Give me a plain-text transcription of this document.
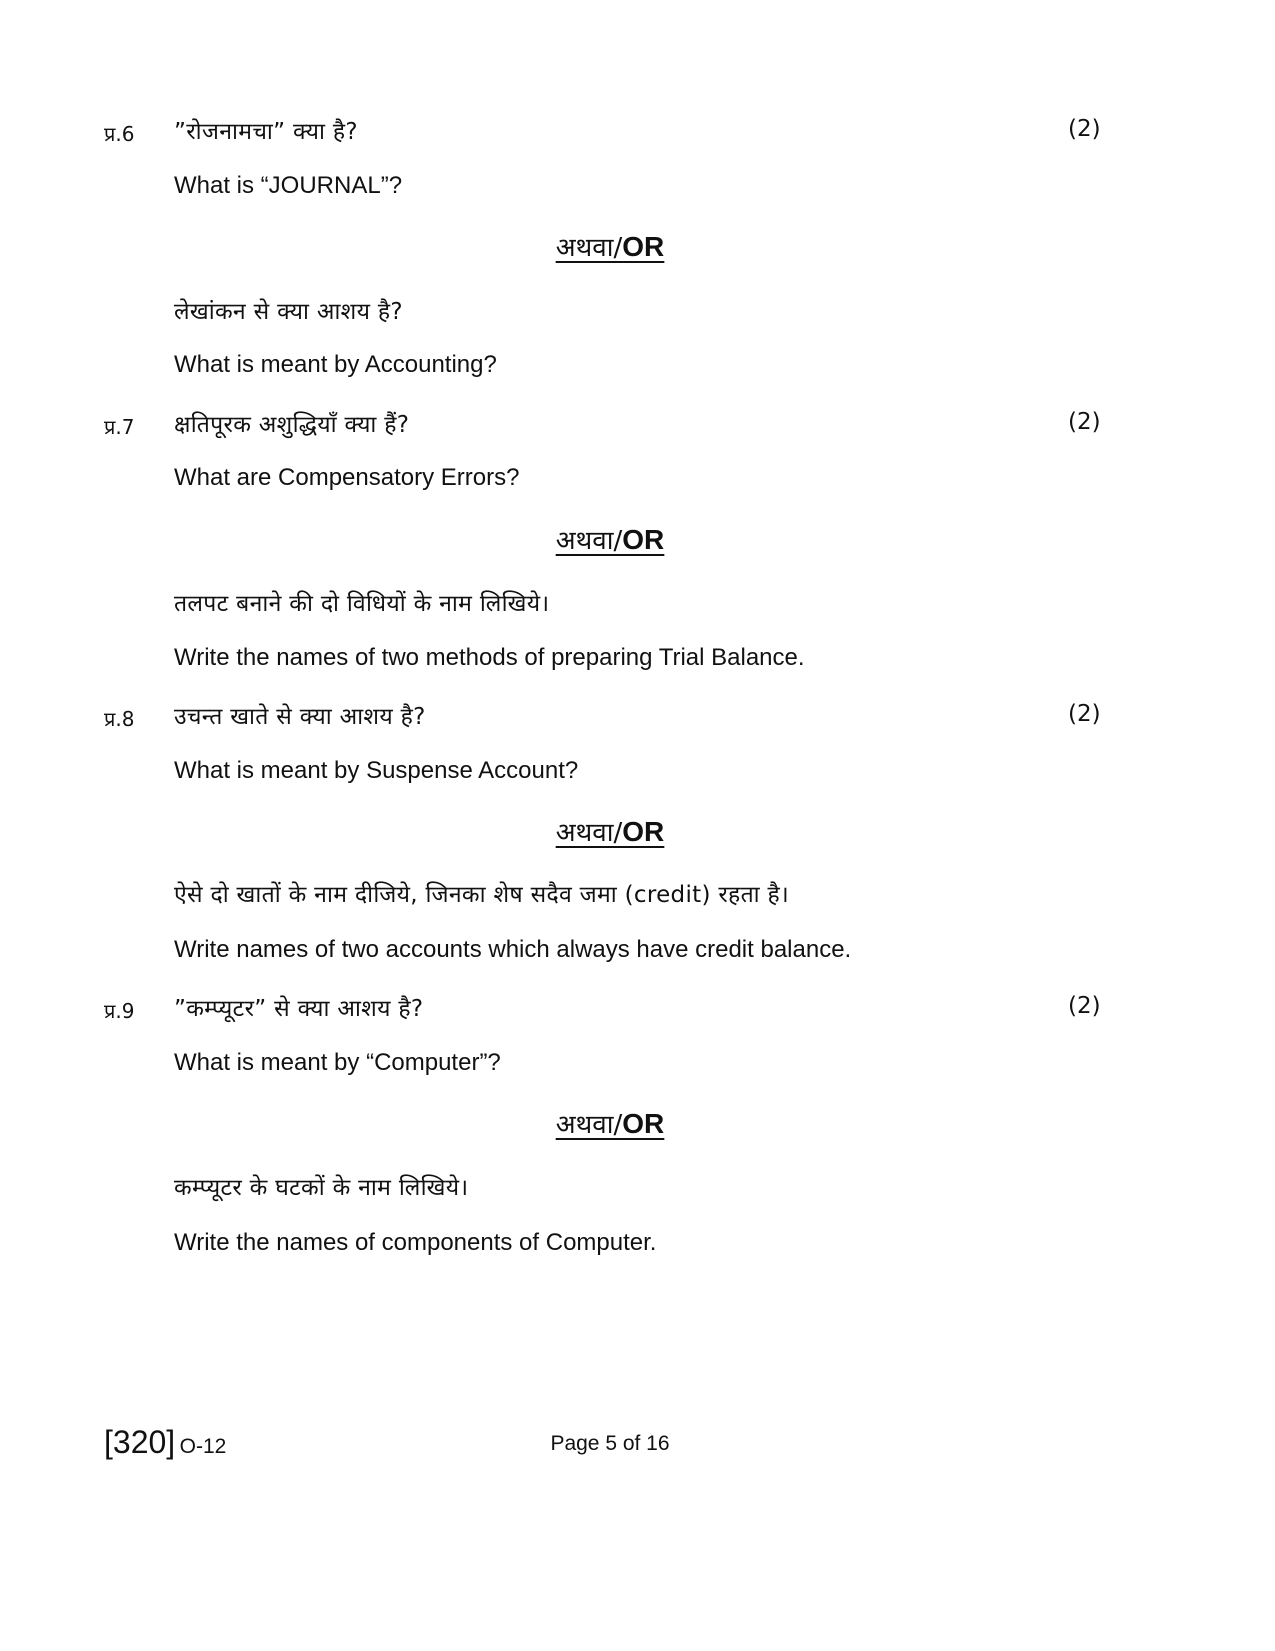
प्र.6 ”रोजनामचा” क्या है?	(2)
What is “JOURNAL”?
अथवा/OR
लेखांकन से क्या आशय है?
What is meant by Accounting?
प्र.7 क्षतिपूरक अशुद्धियाँ क्या हैं?	(2)
What are Compensatory Errors?
अथवा/OR
तलपट बनाने की दो विधियों के नाम लिखिये।
Write the names of two methods of preparing Trial Balance.
प्र.8 उचन्त खाते से क्या आशय है?	(2)
What is meant by Suspense Account?
अथवा/OR
ऐसे दो खातों के नाम दीजिये, जिनका शेष सदैव जमा (credit) रहता है।
Write names of two accounts which always have credit balance.
प्र.9 ”कम्प्यूटर” से क्या आशय है?	(2)
What is meant by “Computer”?
अथवा/OR
कम्प्यूटर के घटकों के नाम लिखिये।
Write the names of components of Computer.
[320] O-12	Page 5 of 16
